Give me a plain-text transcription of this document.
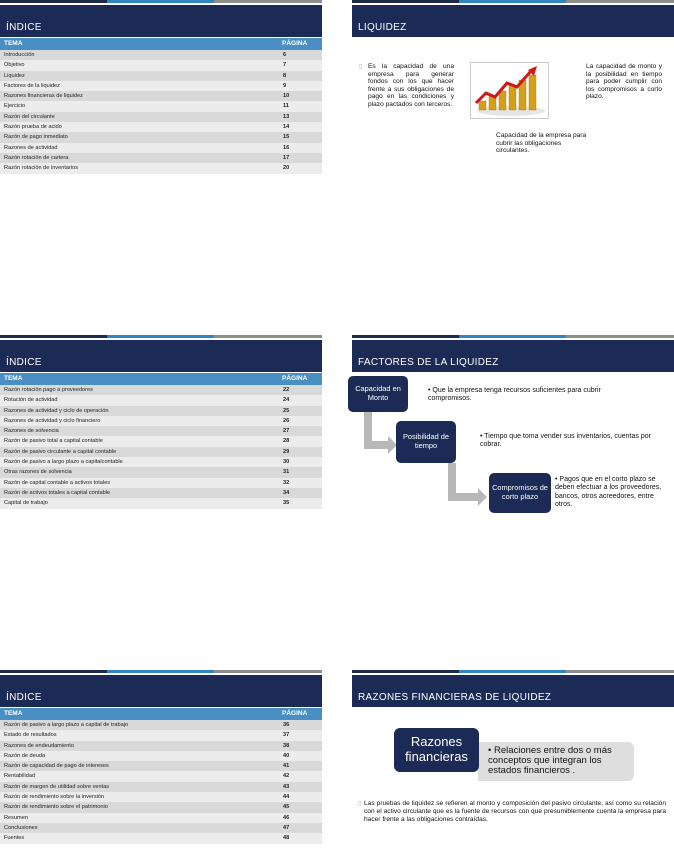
ÍNDICE
TEMA	PÁGINA
Introducción	6
Objetivo	7
Liquidez	8
Factores de la liquidez	9
Razones financieras de liquidez	10
Ejercicio	11
Razón del circulante	13
Razón prueba de acido	14
Razón de pago inmediato	15
Razones de actividad	16
Razón rotación de cartera	17
Razón rotación de inventarios	20
LIQUIDEZ
▯ Es la capacidad de una empresa para generar fondos con los que hacer frente a sus obligaciones de pago en las condiciones y plazo pactados con terceros.
La capacidad de monto y la posibilidad en tiempo para poder cumplir con los compromisos a corto plazo.
Capacidad de la empresa para cubrir las obligaciones circulantes.
ÍNDICE
TEMA	PÁGINA
Razón rotación pago a proveedores	22
Rotación de actividad	24
Razones de actividad y ciclo de operación	25
Razones de actividad y ciclo financiero	26
Razones de solvencia	27
Razón de pasivo total a capital contable	28
Razón de pasivo circulante a capital contable	29
Razón de pasivo a largo plazo a capitalcontable	30
Otras razones de solvencia	31
Razón de capital contable a activos totales	32
Razón de activos totales a capital contable	34
Capital de trabajo	35
FACTORES DE LA LIQUIDEZ
Capacidad en Monto
• Que la empresa tenga recursos suficientes para cubrir compromisos.
Posibilidad de tiempo
• Tiempo que toma vender sus inventarios, cuentas por cobrar.
Compromisos de corto plazo
• Pagos que en el corto plazo se deben efectuar a los proveedores, bancos, otros acreedores, entre otros.
ÍNDICE
TEMA	PÁGINA
Razón de pasivo a largo plazo a capital de trabajo	36
Estado de resultados	37
Razones de endeudamiento	38
Razón de deuda	40
Razón de capacidad de pago de intereses	41
Rentabilidad	42
Razón de margen de utilidad sobre ventas	43
Razón de rendimiento sobre la inversión	44
Razón de rendimiento sobre el patrimonio	45
Resumen	46
Conclusiones	47
Fuentes	48
RAZONES FINANCIERAS DE LIQUIDEZ
• Relaciones entre dos o más conceptos que integran los estados financieros .
Razones financieras
▯ Las pruebas de liquidez se refieren al monto y composición del pasivo circulante, así como su relación con el activo circulante que es la fuente de recursos con que presumiblemente cuenta la empresa para hacer frente a las obligaciones contraídas.
